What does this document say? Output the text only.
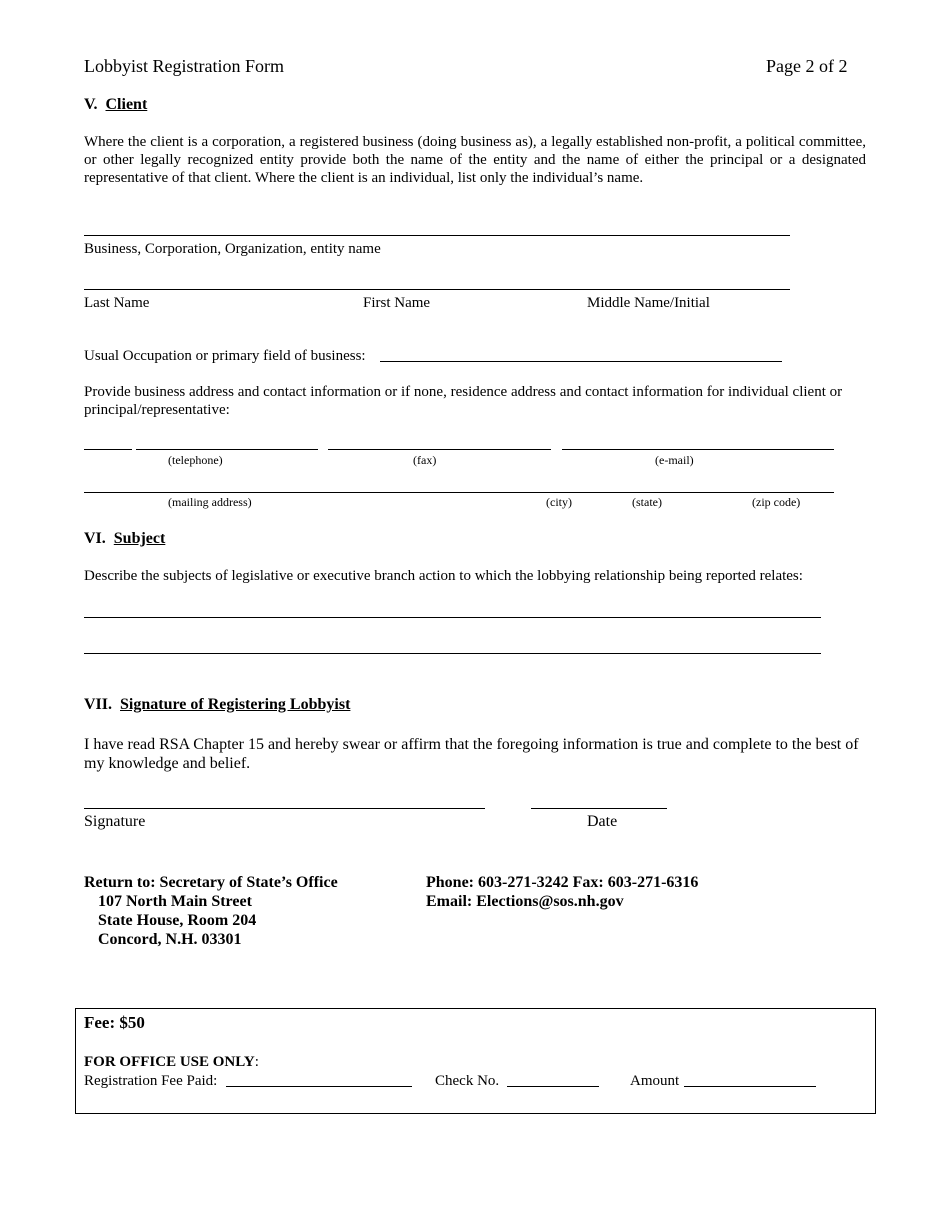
Lobbyist Registration Form	Page 2 of 2
V. Client
Where the client is a corporation, a registered business (doing business as), a legally established non-profit, a political committee, or other legally recognized entity provide both the name of the entity and the name of either the principal or a designated representative of that client. Where the client is an individual, list only the individual’s name.
Business, Corporation, Organization, entity name
Last Name	First Name	Middle Name/Initial
Usual Occupation or primary field of business:
Provide business address and contact information or if none, residence address and contact information for individual client or principal/representative:
(telephone)	(fax)	(e-mail)
(mailing address)	(city)	(state)	(zip code)
VI. Subject
Describe the subjects of legislative or executive branch action to which the lobbying relationship being reported relates:
VII. Signature of Registering Lobbyist
I have read RSA Chapter 15 and hereby swear or affirm that the foregoing information is true and complete to the best of my knowledge and belief.
Signature	Date
Return to: Secretary of State’s Office
107 North Main Street
State House, Room 204
Concord, N.H. 03301
Phone: 603-271-3242 Fax: 603-271-6316
Email: Elections@sos.nh.gov
Fee: $50
FOR OFFICE USE ONLY:
Registration Fee Paid:	Check No.	Amount
